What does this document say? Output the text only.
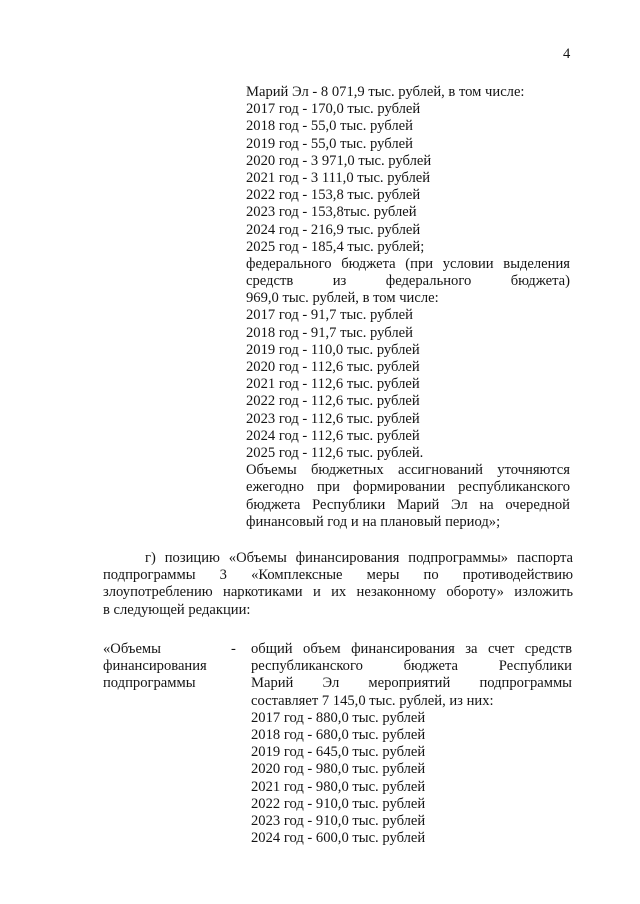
4
Марий Эл - 8 071,9 тыс. рублей, в том числе:
2017 год - 170,0 тыс. рублей
2018 год - 55,0 тыс. рублей
2019 год - 55,0 тыс. рублей
2020 год - 3 971,0 тыс. рублей
2021 год - 3 111,0 тыс. рублей
2022 год - 153,8 тыс. рублей
2023 год - 153,8тыс. рублей
2024 год - 216,9 тыс. рублей
2025 год - 185,4 тыс. рублей;
федерального бюджета (при условии выделения
средств из федерального бюджета)
969,0 тыс. рублей, в том числе:
2017 год - 91,7 тыс. рублей
2018 год - 91,7 тыс. рублей
2019 год - 110,0 тыс. рублей
2020 год - 112,6 тыс. рублей
2021 год - 112,6 тыс. рублей
2022 год - 112,6 тыс. рублей
2023 год - 112,6 тыс. рублей
2024 год - 112,6 тыс. рублей
2025 год - 112,6 тыс. рублей.
Объемы бюджетных ассигнований уточняются
ежегодно при формировании республиканского
бюджета Республики Марий Эл на очередной
финансовый год и на плановый период»;
г) позицию «Объемы финансирования подпрограммы» паспорта
подпрограммы 3 «Комплексные меры по противодействию
злоупотреблению наркотиками и их незаконному обороту» изложить
в следующей редакции:
«Объемы
финансирования
подпрограммы
- общий объем финансирования за счет средств
республиканского бюджета Республики
Марий Эл мероприятий подпрограммы
составляет 7 145,0 тыс. рублей, из них:
2017 год - 880,0 тыс. рублей
2018 год - 680,0 тыс. рублей
2019 год - 645,0 тыс. рублей
2020 год - 980,0 тыс. рублей
2021 год - 980,0 тыс. рублей
2022 год - 910,0 тыс. рублей
2023 год - 910,0 тыс. рублей
2024 год - 600,0 тыс. рублей
